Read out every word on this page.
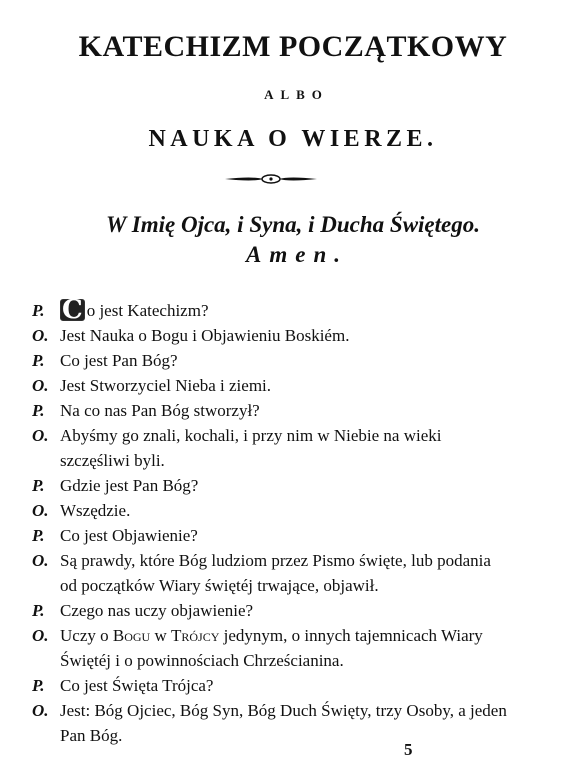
KATECHIZM POCZĄTKOWY
ALBO
NAUKA O WIERZE.
W Imię Ojca, i Syna, i Ducha Świętego.
Amen.
P. C o jest Katechizm?
O. Jest Nauka o Bogu i Objawieniu Boskiém.
P. Co jest Pan Bóg?
O. Jest Stworzyciel Nieba i ziemi.
P. Na co nas Pan Bóg stworzył?
O. Abyśmy go znali, kochali, i przy nim w Niebie na wieki szczęśliwi byli.
P. Gdzie jest Pan Bóg?
O. Wszędzie.
P. Co jest Objawienie?
O. Są prawdy, które Bóg ludziom przez Pismo święte, lub podania od początków Wiary świętéj trwające, objawił.
P. Czego nas uczy objawienie?
O. Uczy o Bogu w Trójcy jedynym, o innych tajemnicach Wiary Świętéj i o powinnościach Chrześcianina.
P. Co jest Święta Trójca?
O. Jest: Bóg Ojciec, Bóg Syn, Bóg Duch Święty, trzy Osoby, a jeden Pan Bóg.
5
